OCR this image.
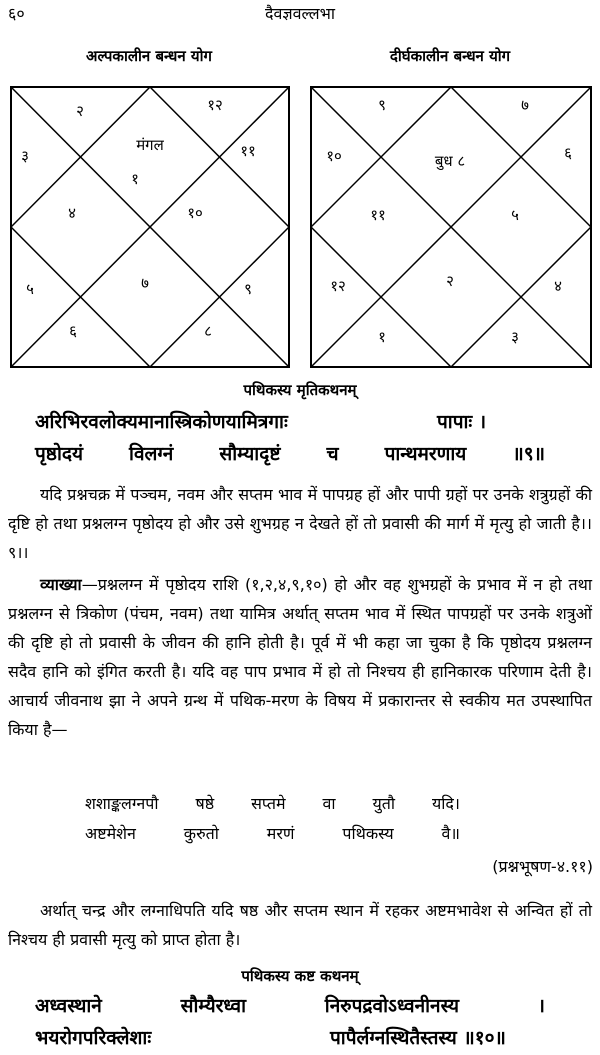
६०	दैवज्ञवल्लभा
अल्पकालीन बन्धन योग
२	१२
३	११
मंगल
१
४	१०
५	७	९
६	८
दीर्घकालीन बन्धन योग
९	७
१०	६
बुध ८
११	५
१२	२	४
१	३
पथिकस्य मृतिकथनम्
अरिभिरवलोक्यमानास्त्रिकोणयामित्रगाः	पापाः ।
पृष्ठोदयं विलग्नं सौम्यादृष्टं च पान्थमरणाय ॥९॥
यदि प्रश्नचक्र में पञ्चम, नवम और सप्तम भाव में पापग्रह हों और पापी ग्रहों पर उनके शत्रुग्रहों की दृष्टि हो तथा प्रश्नलग्न पृष्ठोदय हो और उसे शुभग्रह न देखते हों तो प्रवासी की मार्ग में मृत्यु हो जाती है।।९।।
व्याख्या—प्रश्नलग्न में पृष्ठोदय राशि (१,२,४,९,१०) हो और वह शुभग्रहों के प्रभाव में न हो तथा प्रश्नलग्न से त्रिकोण (पंचम, नवम) तथा यामित्र अर्थात् सप्तम भाव में स्थित पापग्रहों पर उनके शत्रुओं की दृष्टि हो तो प्रवासी के जीवन की हानि होती है। पूर्व में भी कहा जा चुका है कि पृष्ठोदय प्रश्नलग्न सदैव हानि को इंगित करती है। यदि वह पाप प्रभाव में हो तो निश्चय ही हानिकारक परिणाम देती है। आचार्य जीवनाथ झा ने अपने ग्रन्थ में पथिक-मरण के विषय में प्रकारान्तर से स्वकीय मत उपस्थापित किया है—
शशाङ्कलग्नपौ षष्ठे सप्तमे वा युतौ यदि।
अष्टमेशेन कुरुतो मरणं पथिकस्य वै॥
(प्रश्नभूषण-४.११)
अर्थात् चन्द्र और लग्नाधिपति यदि षष्ठ और सप्तम स्थान में रहकर अष्टमभावेश से अन्वित हों तो निश्चय ही प्रवासी मृत्यु को प्राप्त होता है।
पथिकस्य कष्ट कथनम्
अध्वस्थाने सौम्यैरध्वा निरुपद्रवोऽध्वनीनस्य ।
भयरोगपरिक्लेशाः	पापैर्लग्नस्थितैस्तस्य ॥१०॥
